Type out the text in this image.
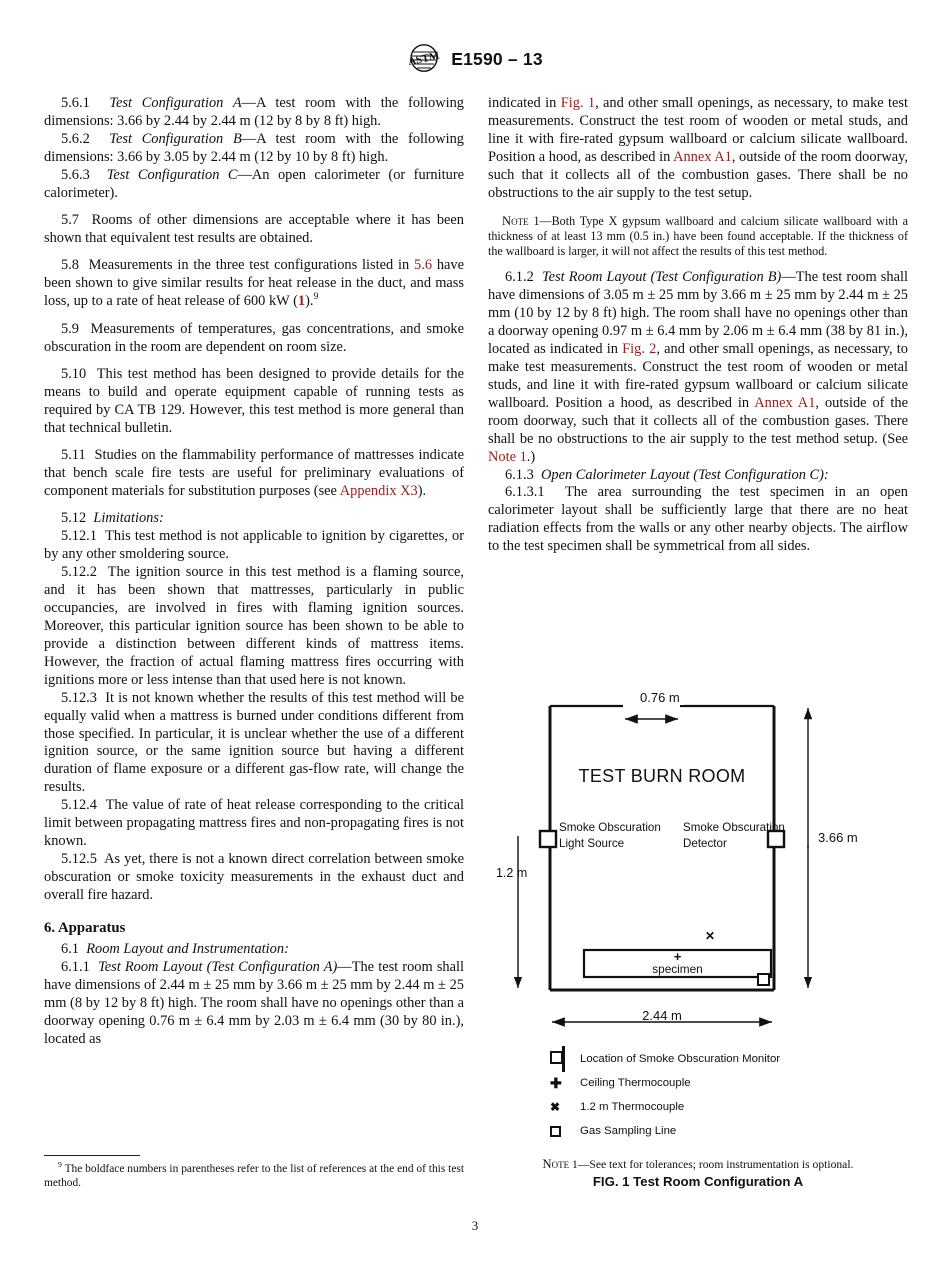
ASTM E1590 – 13

5.6.1 Test Configuration A—A test room with the following dimensions: 3.66 by 2.44 by 2.44 m (12 by 8 by 8 ft) high.

5.6.2 Test Configuration B—A test room with the following dimensions: 3.66 by 3.05 by 2.44 m (12 by 10 by 8 ft) high.

5.6.3 Test Configuration C—An open calorimeter (or furniture calorimeter).

5.7 Rooms of other dimensions are acceptable where it has been shown that equivalent test results are obtained.

5.8 Measurements in the three test configurations listed in 5.6 have been shown to give similar results for heat release in the duct, and mass loss, up to a rate of heat release of 600 kW (1).$^9$

5.9 Measurements of temperatures, gas concentrations, and smoke obscuration in the room are dependent on room size.

5.10 This test method has been designed to provide details for the means to build and operate equipment capable of running tests as required by CA TB 129. However, this test method is more general than that technical bulletin.

5.11 Studies on the flammability performance of mattresses indicate that bench scale fire tests are useful for preliminary evaluations of component materials for substitution purposes (see Appendix X3).

5.12 Limitations:

5.12.1 This test method is not applicable to ignition by cigarettes, or by any other smoldering source.

5.12.2 The ignition source in this test method is a flaming source, and it has been shown that mattresses, particularly in public occupancies, are involved in fires with flaming ignition sources. Moreover, this particular ignition source has been shown to be able to provide a distinction between different kinds of mattress items. However, the fraction of actual flaming mattress fires occurring with ignitions more or less intense than that used here is not known.

5.12.3 It is not known whether the results of this test method will be equally valid when a mattress is burned under conditions different from those specified. In particular, it is unclear whether the use of a different ignition source, or the same ignition source but having a different duration of flame exposure or a different gas-flow rate, will change the results.

5.12.4 The value of rate of heat release corresponding to the critical limit between propagating mattress fires and non-propagating fires is not known.

5.12.5 As yet, there is not a known direct correlation between smoke obscuration or smoke toxicity measurements in the exhaust duct and overall fire hazard.

6. Apparatus

6.1 Room Layout and Instrumentation:

6.1.1 Test Room Layout (Test Configuration A)—The test room shall have dimensions of 2.44 m ± 25 mm by 3.66 m ± 25 mm by 2.44 m ± 25 mm (8 by 12 by 8 ft) high. The room shall have no openings other than a doorway opening 0.76 m ± 6.4 mm by 2.03 m ± 6.4 mm (30 by 80 in.), located as

$^9$ The boldface numbers in parentheses refer to the list of references at the end of this test method.

indicated in Fig. 1, and other small openings, as necessary, to make test measurements. Construct the test room of wooden or metal studs, and line it with fire-rated gypsum wallboard or calcium silicate wallboard. Position a hood, as described in Annex A1, outside of the room doorway, such that it collects all of the combustion gases. There shall be no obstructions to the air supply to the test setup.

Note 1—Both Type X gypsum wallboard and calcium silicate wallboard with a thickness of at least 13 mm (0.5 in.) have been found acceptable. If the thickness of the wallboard is larger, it will not affect the results of this test method.

6.1.2 Test Room Layout (Test Configuration B)—The test room shall have dimensions of 3.05 m ± 25 mm by 3.66 m ± 25 mm by 2.44 m ± 25 mm (10 by 12 by 8 ft) high. The room shall have no openings other than a doorway opening 0.97 m ± 6.4 mm by 2.06 m ± 6.4 mm (38 by 81 in.), located as indicated in Fig. 2, and other small openings, as necessary, to make test measurements. Construct the test room of wooden or metal studs, and line it with fire-rated gypsum wallboard or calcium silicate wallboard. Position a hood, as described in Annex A1, outside of the room doorway, such that it collects all of the combustion gases. There shall be no obstructions to the air supply to the test method setup. (See Note 1.)

6.1.3 Open Calorimeter Layout (Test Configuration C):

6.1.3.1 The area surrounding the test specimen in an open calorimeter layout shall be sufficiently large that there are no heat radiation effects from the walls or any other nearby objects. The airflow to the test specimen shall be symmetrical from all sides.

0.76 m
3.66 m
1.2 m
2.44 m
TEST BURN ROOM
Smoke Obscuration
Light Source
Smoke Obscuration
Detector
✕
+
specimen
Location of Smoke Obscuration Monitor
✚	Ceiling Thermocouple
✖	1.2 m Thermocouple
Gas Sampling Line
Note 1—See text for tolerances; room instrumentation is optional.
FIG. 1 Test Room Configuration A
3
